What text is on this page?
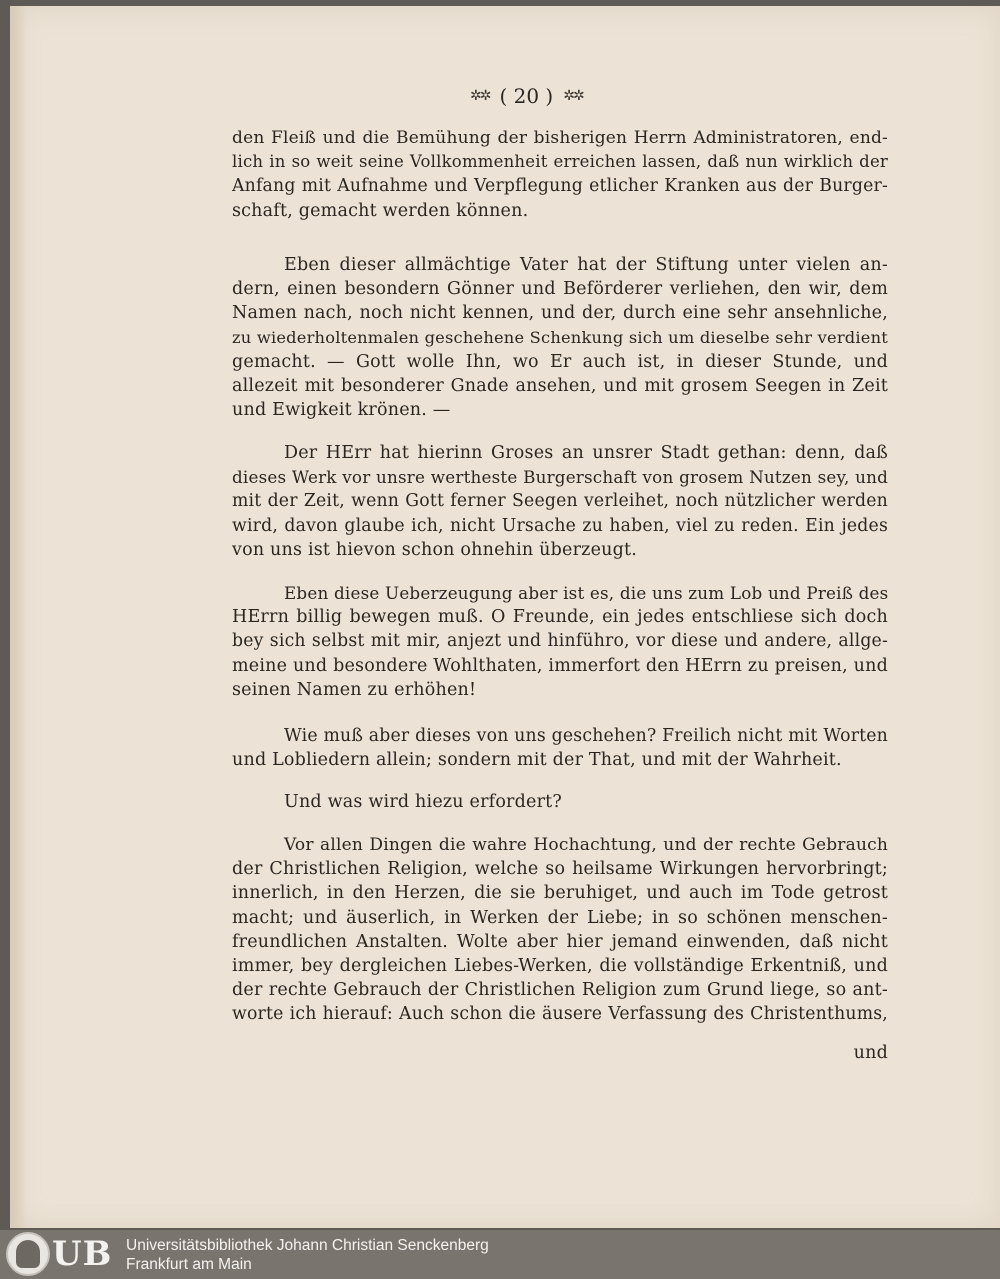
✲✲ ( 20 ) ✲✲
den Fleiß und die Bemühung der bisherigen Herrn Administratoren, end-
lich in so weit seine Vollkommenheit erreichen lassen, daß nun wirklich der
Anfang mit Aufnahme und Verpflegung etlicher Kranken aus der Burger-
schaft, gemacht werden können.
Eben dieser allmächtige Vater hat der Stiftung unter vielen an-
dern, einen besondern Gönner und Beförderer verliehen, den wir, dem
Namen nach, noch nicht kennen, und der, durch eine sehr ansehnliche,
zu wiederholtenmalen geschehene Schenkung sich um dieselbe sehr verdient
gemacht. — Gott wolle Ihn, wo Er auch ist, in dieser Stunde, und
allezeit mit besonderer Gnade ansehen, und mit grosem Seegen in Zeit
und Ewigkeit krönen. —
Der HErr hat hierinn Groses an unsrer Stadt gethan: denn, daß
dieses Werk vor unsre wertheste Burgerschaft von grosem Nutzen sey, und
mit der Zeit, wenn Gott ferner Seegen verleihet, noch nützlicher werden
wird, davon glaube ich, nicht Ursache zu haben, viel zu reden. Ein jedes
von uns ist hievon schon ohnehin überzeugt.
Eben diese Ueberzeugung aber ist es, die uns zum Lob und Preiß des
HErrn billig bewegen muß. O Freunde, ein jedes entschliese sich doch
bey sich selbst mit mir, anjezt und hinführo, vor diese und andere, allge-
meine und besondere Wohlthaten, immerfort den HErrn zu preisen, und
seinen Namen zu erhöhen!
Wie muß aber dieses von uns geschehen? Freilich nicht mit Worten
und Lobliedern allein; sondern mit der That, und mit der Wahrheit.
Und was wird hiezu erfordert?
Vor allen Dingen die wahre Hochachtung, und der rechte Gebrauch
der Christlichen Religion, welche so heilsame Wirkungen hervorbringt;
innerlich, in den Herzen, die sie beruhiget, und auch im Tode getrost
macht; und äuserlich, in Werken der Liebe; in so schönen menschen-
freundlichen Anstalten. Wolte aber hier jemand einwenden, daß nicht
immer, bey dergleichen Liebes-Werken, die vollständige Erkentniß, und
der rechte Gebrauch der Christlichen Religion zum Grund liege, so ant-
worte ich hierauf: Auch schon die äusere Verfassung des Christenthums,
und
UB Universitätsbibliothek Johann Christian Senckenberg
Frankfurt am Main
